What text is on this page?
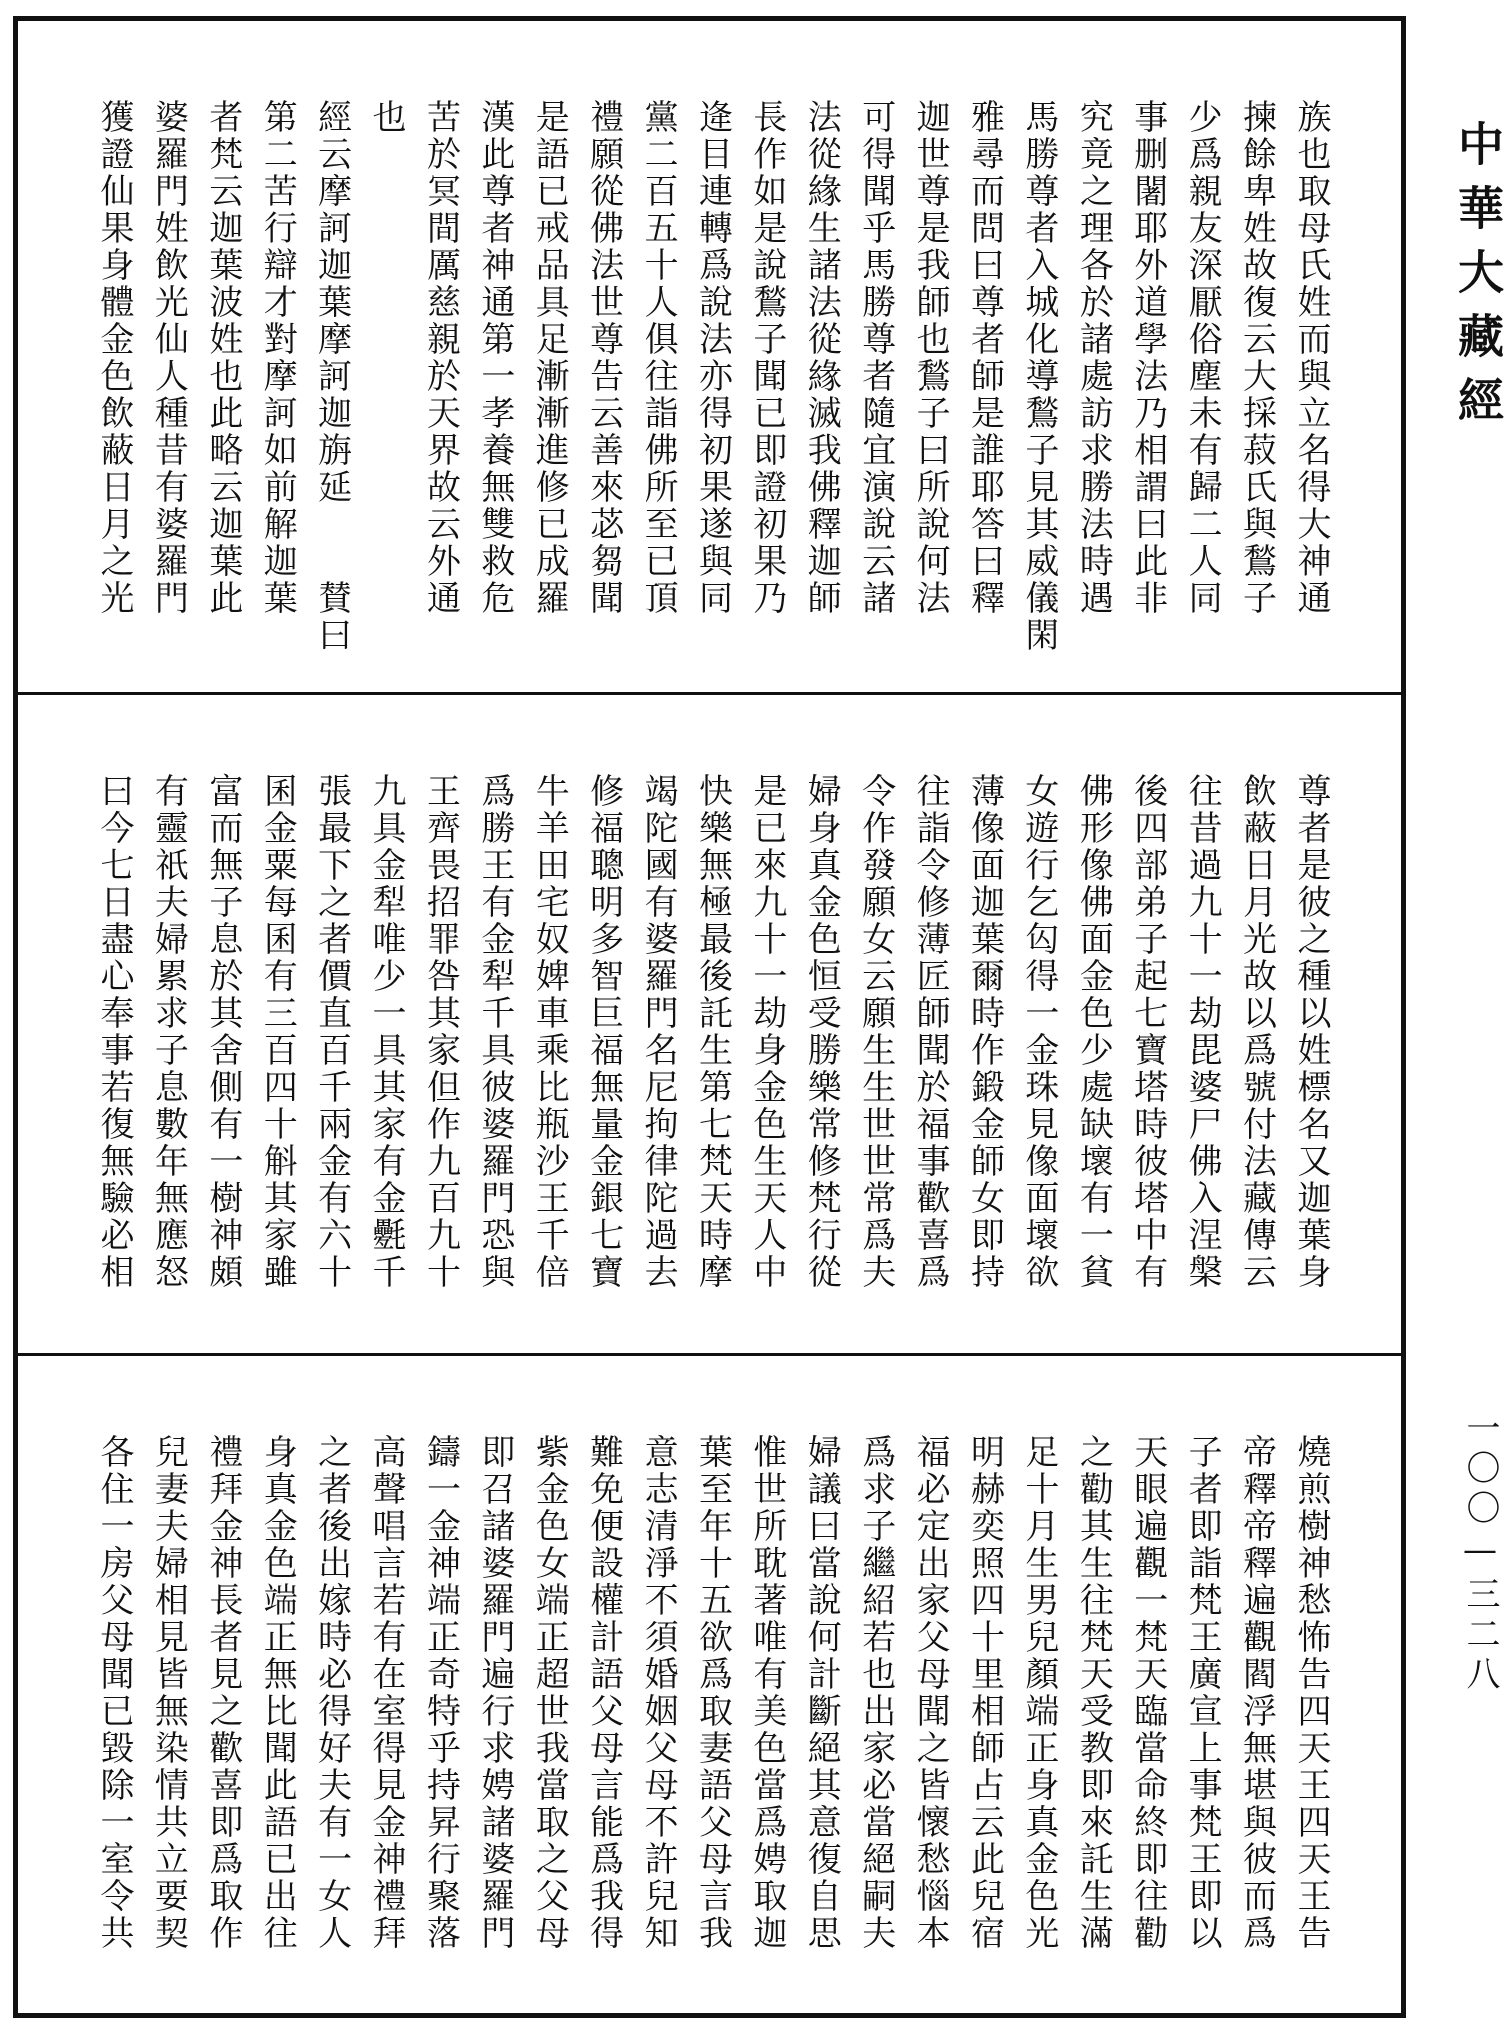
族也取母氏姓而與立名得大神通
揀餘卑姓故復云大採菽氏與鶖子
少爲親友深厭俗塵未有歸二人同
事删闍耶外道學法乃相謂曰此非
究竟之理各於諸處訪求勝法時遇
馬勝尊者入城化導鶖子見其威儀閑
雅尋而問曰尊者師是誰耶答曰釋
迦世尊是我師也鶖子曰所說何法
可得聞乎馬勝尊者隨宜演說云諸
法從緣生諸法從緣滅我佛釋迦師
長作如是說鶖子聞已即證初果乃
逄目連轉爲說法亦得初果遂與同
黨二百五十人俱往詣佛所至已頂
禮願從佛法世尊告云善來苾芻聞
是語已戒品具足漸漸進修已成羅
漢此尊者神通第一孝養無雙救危
苦於冥間厲慈親於天界故云外通
也
經云摩訶迦葉摩訶迦旃延　　賛曰
第二苦行辯才對摩訶如前解迦葉
者梵云迦葉波姓也此略云迦葉此
婆羅門姓飲光仙人種昔有婆羅門
獲證仙果身體金色飲蔽日月之光
尊者是彼之種以姓標名又迦葉身
飲蔽日月光故以爲號付法藏傳云
往昔過九十一劫毘婆尸佛入涅槃
後四部弟子起七寶塔時彼塔中有
佛形像佛面金色少處缺壞有一貧
女遊行乞匃得一金珠見像面壞欲
薄像面迦葉爾時作鍛金師女即持
往詣令修薄匠師聞於福事歡喜爲
令作發願女云願生生世世常爲夫
婦身真金色恒受勝樂常修梵行從
是已來九十一劫身金色生天人中
快樂無極最後託生第七梵天時摩
竭陀國有婆羅門名尼拘律陀過去
修福聰明多智巨福無量金銀七寶
牛羊田宅奴婢車乘比瓶沙王千倍
爲勝王有金犁千具彼婆羅門恐與
王齊畏招罪咎其家但作九百九十
九具金犁唯少一具其家有金氎千
張最下之者價直百千兩金有六十
囷金粟每囷有三百四十斛其家雖
富而無子息於其舍側有一樹神頗
有靈祇夫婦累求子息數年無應怒
曰今七日盡心奉事若復無驗必相
燒煎樹神愁怖告四天王四天王告
帝釋帝釋遍觀閻浮無堪與彼而爲
子者即詣梵王廣宣上事梵王即以
天眼遍觀一梵天臨當命終即往勸
之勸其生往梵天受教即來託生滿
足十月生男兒顏端正身真金色光
明赫奕照四十里相師占云此兒宿
福必定出家父母聞之皆懷愁惱本
爲求子繼紹若也出家必當絕嗣夫
婦議曰當說何計斷絕其意復自思
惟世所耽著唯有美色當爲娉取迦
葉至年十五欲爲取妻語父母言我
意志清淨不須婚姻父母不許兒知
難免便設權計語父母言能爲我得
紫金色女端正超世我當取之父母
即召諸婆羅門遍行求娉諸婆羅門
鑄一金神端正奇特乎持昇行聚落
高聲唱言若有在室得見金神禮拜
之者後出嫁時必得好夫有一女人
身真金色端正無比聞此語已出往
禮拜金神長者見之歡喜即爲取作
兒妻夫婦相見皆無染情共立要契
各住一房父母聞已毀除一室令共
中華大藏經
一〇〇—三二八
